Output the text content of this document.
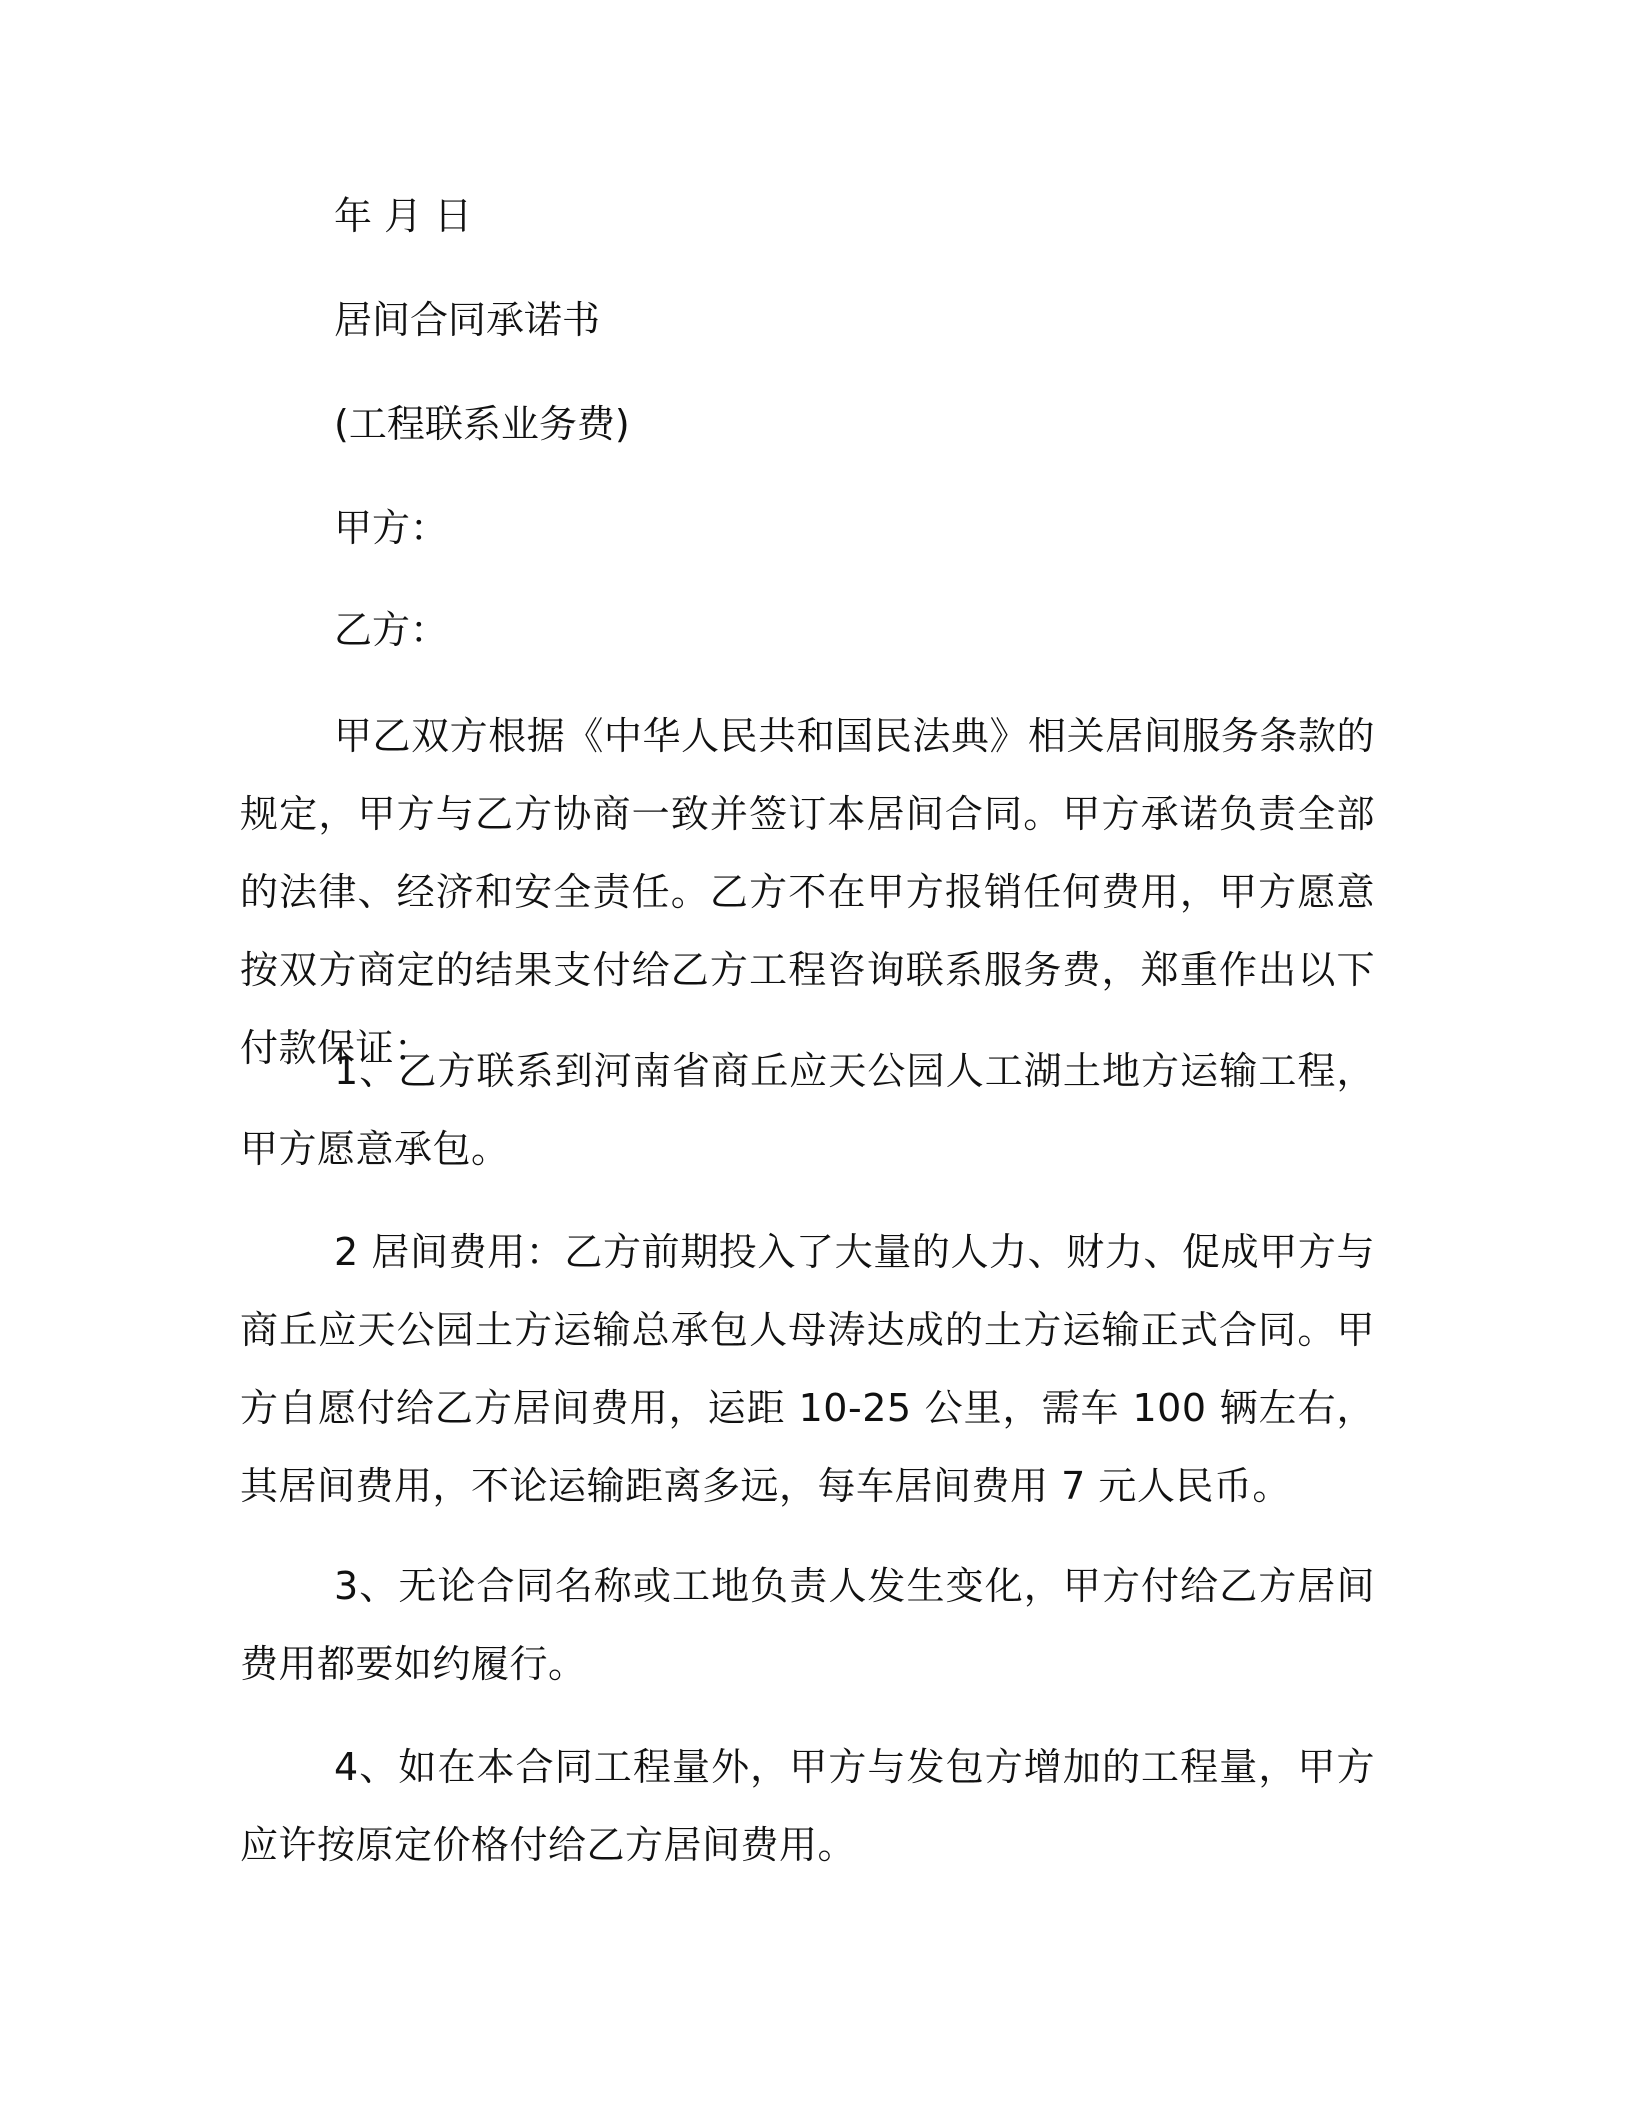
年 月 日
居间合同承诺书
(工程联系业务费)
甲方：
乙方：
甲乙双方根据《中华人民共和国民法典》相关居间服务条款的规定，甲方与乙方协商一致并签订本居间合同。甲方承诺负责全部的法律、经济和安全责任。乙方不在甲方报销任何费用，甲方愿意按双方商定的结果支付给乙方工程咨询联系服务费，郑重作出以下付款保证：
1、乙方联系到河南省商丘应天公园人工湖土地方运输工程，甲方愿意承包。
2 居间费用：乙方前期投入了大量的人力、财力、促成甲方与商丘应天公园土方运输总承包人母涛达成的土方运输正式合同。甲方自愿付给乙方居间费用，运距 10-25 公里，需车 100 辆左右，其居间费用，不论运输距离多远，每车居间费用 7 元人民币。
3、无论合同名称或工地负责人发生变化，甲方付给乙方居间费用都要如约履行。
4、如在本合同工程量外，甲方与发包方增加的工程量，甲方应许按原定价格付给乙方居间费用。
